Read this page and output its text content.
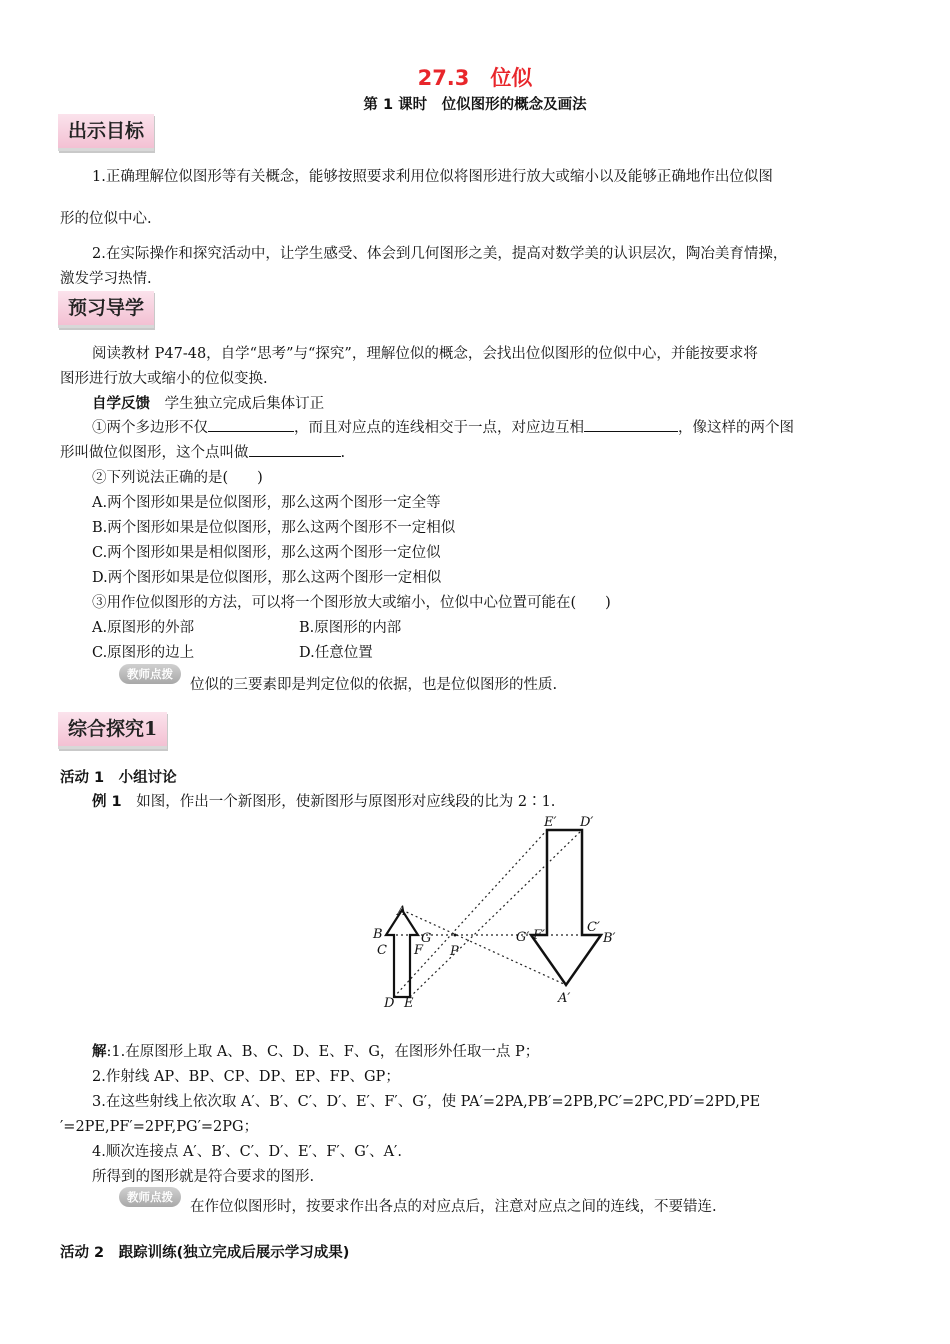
27.3　位似
第 1 课时　位似图形的概念及画法
出示目标
1.正确理解位似图形等有关概念，能够按照要求利用位似将图形进行放大或缩小以及能够正确地作出位似图
形的位似中心.
2.在实际操作和探究活动中，让学生感受、体会到几何图形之美，提高对数学美的认识层次，陶冶美育情操，
激发学习热情.
预习导学
阅读教材 P47-48，自学“思考”与“探究”，理解位似的概念，会找出位似图形的位似中心，并能按要求将
图形进行放大或缩小的位似变换.
自学反馈 学生独立完成后集体订正
①两个多边形不仅	，而且对应点的连线相交于一点，对应边互相	，像这样的两个图
形叫做位似图形，这个点叫做	.
②下列说法正确的是(　　)
A.两个图形如果是位似图形，那么这两个图形一定全等
B.两个图形如果是位似图形，那么这两个图形不一定相似
C.两个图形如果是相似图形，那么这两个图形一定位似
D.两个图形如果是位似图形，那么这两个图形一定相似
③用作位似图形的方法，可以将一个图形放大或缩小，位似中心位置可能在(　　)
A.原图形的外部	B.原图形的内部
C.原图形的边上	D.任意位置
教师点拨
位似的三要素即是判定位似的依据，也是位似图形的性质.
综合探究1
活动 1　小组讨论
例 1 如图，作出一个新图形，使新图形与原图形对应线段的比为 2∶1.
A
B
C
D E
F
G
P
E′ D′
G′ F′
C′
B′
A′
解:1.在原图形上取 A、B、C、D、E、F、G，在图形外任取一点 P；
2.作射线 AP、BP、CP、DP、EP、FP、GP；
3.在这些射线上依次取 A′、B′、C′、D′、E′、F′、G′，使 PA′=2PA,PB′=2PB,PC′=2PC,PD′=2PD,PE
′=2PE,PF′=2PF,PG′=2PG；
4.顺次连接点 A′、B′、C′、D′、E′、F′、G′、A′.
所得到的图形就是符合要求的图形.
教师点拨
在作位似图形时，按要求作出各点的对应点后，注意对应点之间的连线，不要错连.
活动 2　跟踪训练(独立完成后展示学习成果)
